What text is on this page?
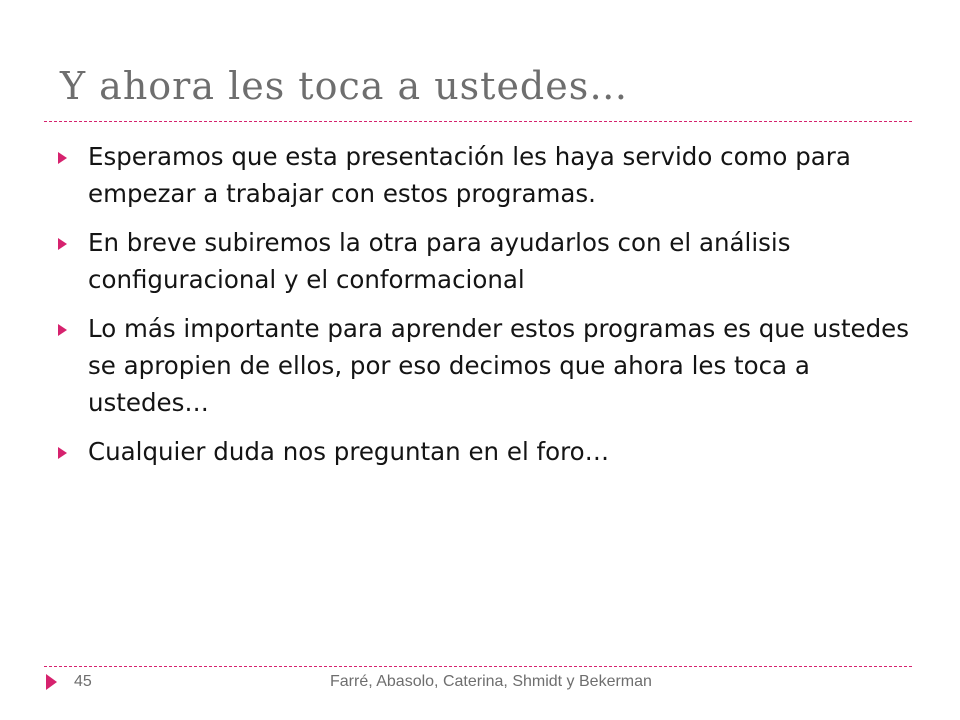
Y ahora les toca a ustedes…
Esperamos que esta presentación les haya servido como para empezar a trabajar con estos programas.
En breve subiremos la otra para ayudarlos con el análisis configuracional y el conformacional
Lo más importante para aprender estos programas es que ustedes se apropien de ellos, por eso decimos que ahora les toca a ustedes…
Cualquier duda nos preguntan en el foro…
45	Farré, Abasolo, Caterina, Shmidt y Bekerman
